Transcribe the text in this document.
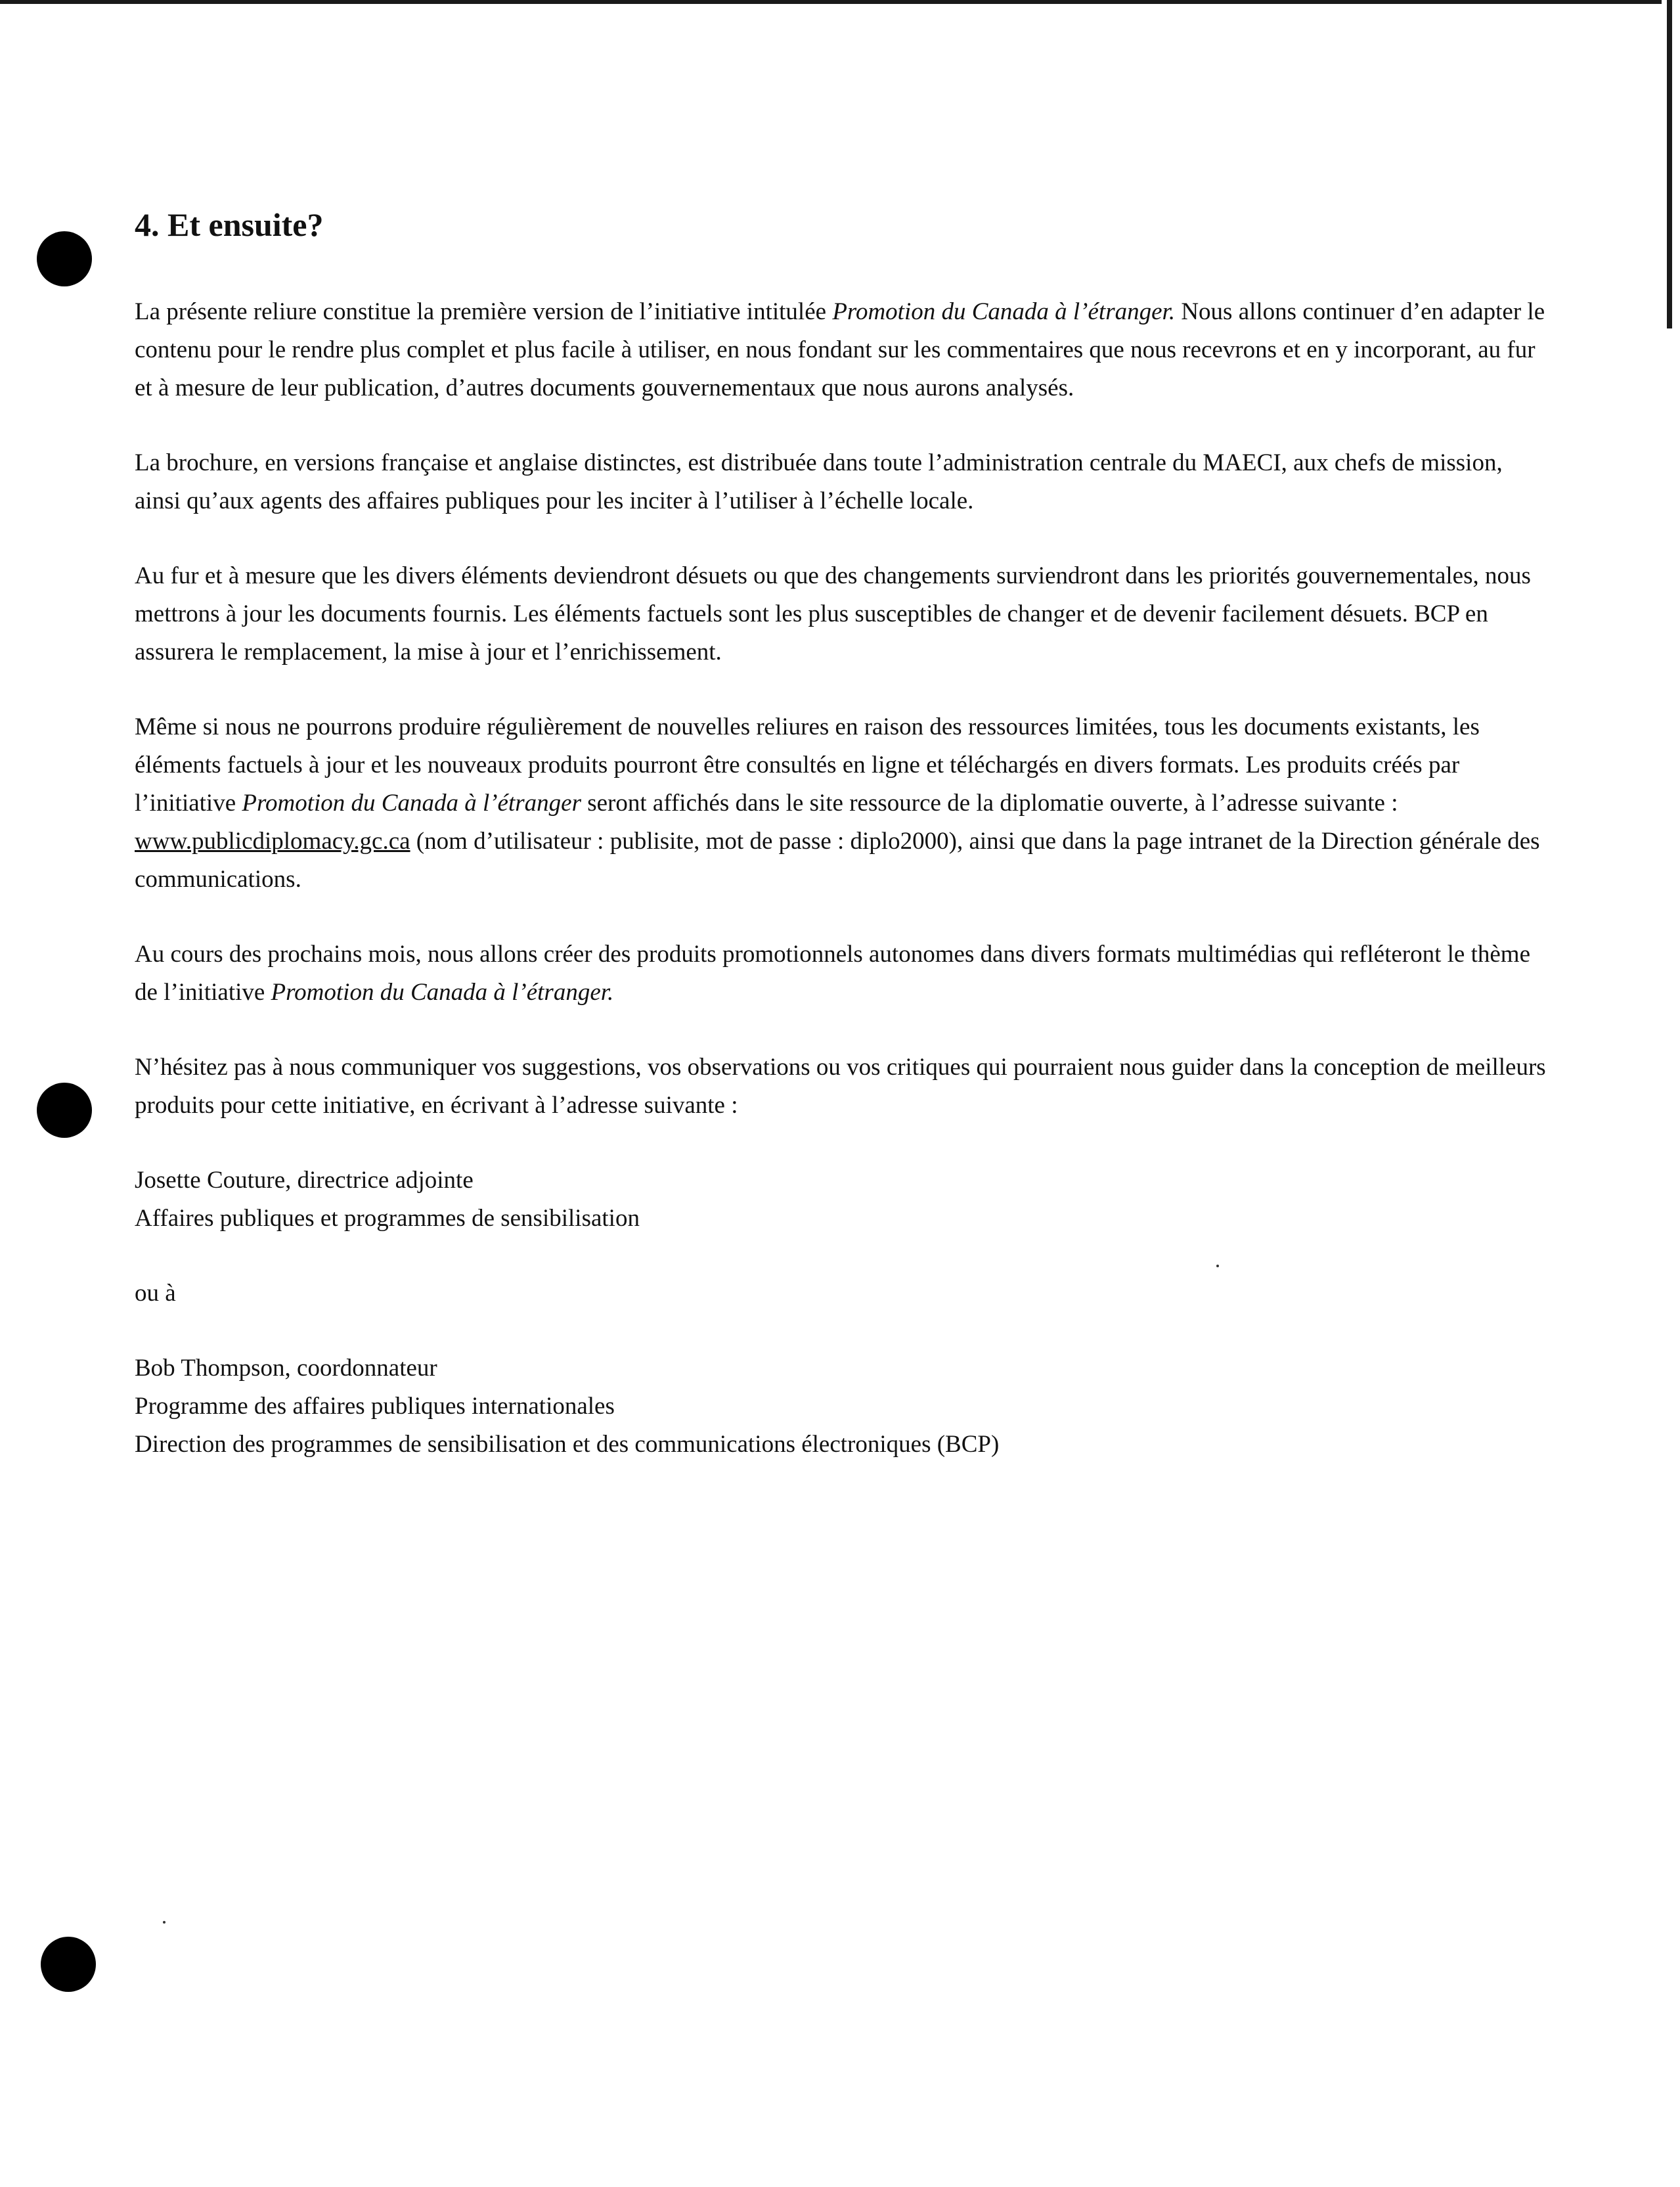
4. Et ensuite?

La présente reliure constitue la première version de l’initiative intitulée Promotion du Canada à l’étranger. Nous allons continuer d’en adapter le contenu pour le rendre plus complet et plus facile à utiliser, en nous fondant sur les commentaires que nous recevrons et en y incorporant, au fur et à mesure de leur publication, d’autres documents gouvernementaux que nous aurons analysés.

La brochure, en versions française et anglaise distinctes, est distribuée dans toute l’administration centrale du MAECI, aux chefs de mission, ainsi qu’aux agents des affaires publiques pour les inciter à l’utiliser à l’échelle locale.

Au fur et à mesure que les divers éléments deviendront désuets ou que des changements surviendront dans les priorités gouvernementales, nous mettrons à jour les documents fournis. Les éléments factuels sont les plus susceptibles de changer et de devenir facilement désuets. BCP en assurera le remplacement, la mise à jour et l’enrichissement.

Même si nous ne pourrons produire régulièrement de nouvelles reliures en raison des ressources limitées, tous les documents existants, les éléments factuels à jour et les nouveaux produits pourront être consultés en ligne et téléchargés en divers formats. Les produits créés par l’initiative Promotion du Canada à l’étranger seront affichés dans le site ressource de la diplomatie ouverte, à l’adresse suivante : www.publicdiplomacy.gc.ca (nom d’utilisateur : publisite, mot de passe : diplo2000), ainsi que dans la page intranet de la Direction générale des communications.

Au cours des prochains mois, nous allons créer des produits promotionnels autonomes dans divers formats multimédias qui refléteront le thème de l’initiative Promotion du Canada à l’étranger.

N’hésitez pas à nous communiquer vos suggestions, vos observations ou vos critiques qui pourraient nous guider dans la conception de meilleurs produits pour cette initiative, en écrivant à l’adresse suivante :

Josette Couture, directrice adjointe
Affaires publiques et programmes de sensibilisation
ou à
Bob Thompson, coordonnateur
Programme des affaires publiques internationales
Direction des programmes de sensibilisation et des communications électroniques (BCP)
